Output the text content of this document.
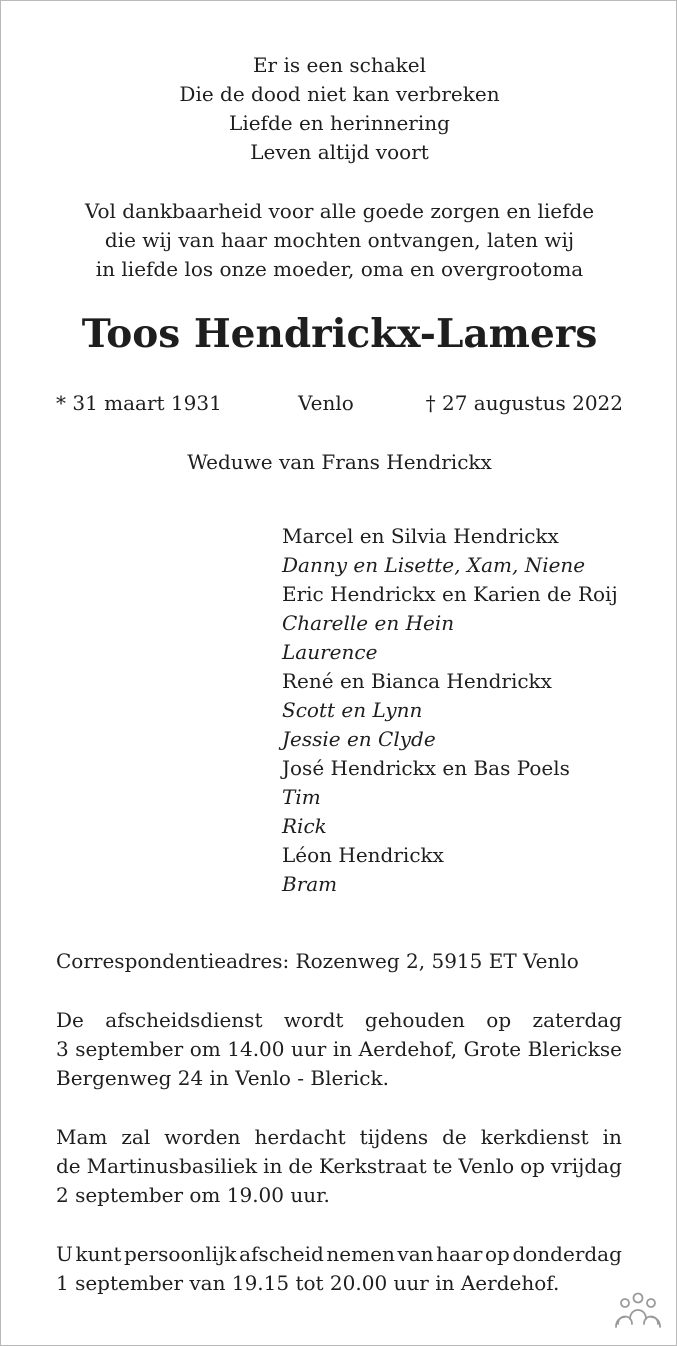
Er is een schakel
Die de dood niet kan verbreken
Liefde en herinnering
Leven altijd voort
Vol dankbaarheid voor alle goede zorgen en liefde
die wij van haar mochten ontvangen, laten wij
in liefde los onze moeder, oma en overgrootoma
Toos Hendrickx-Lamers
* 31 maart 1931	Venlo	† 27 augustus 2022
Weduwe van Frans Hendrickx
Marcel en Silvia Hendrickx
Danny en Lisette, Xam, Niene
Eric Hendrickx en Karien de Roij
Charelle en Hein
Laurence
René en Bianca Hendrickx
Scott en Lynn
Jessie en Clyde
José Hendrickx en Bas Poels
Tim
Rick
Léon Hendrickx
Bram
Correspondentieadres: Rozenweg 2, 5915 ET Venlo
De afscheidsdienst wordt gehouden op zaterdag
3 september om 14.00 uur in Aerdehof, Grote Blerickse
Bergenweg 24 in Venlo - Blerick.
Mam zal worden herdacht tijdens de kerkdienst in
de Martinusbasiliek in de Kerkstraat te Venlo op vrijdag
2 september om 19.00 uur.
U kunt persoonlijk afscheid nemen van haar op donderdag
1 september van 19.15 tot 20.00 uur in Aerdehof.
